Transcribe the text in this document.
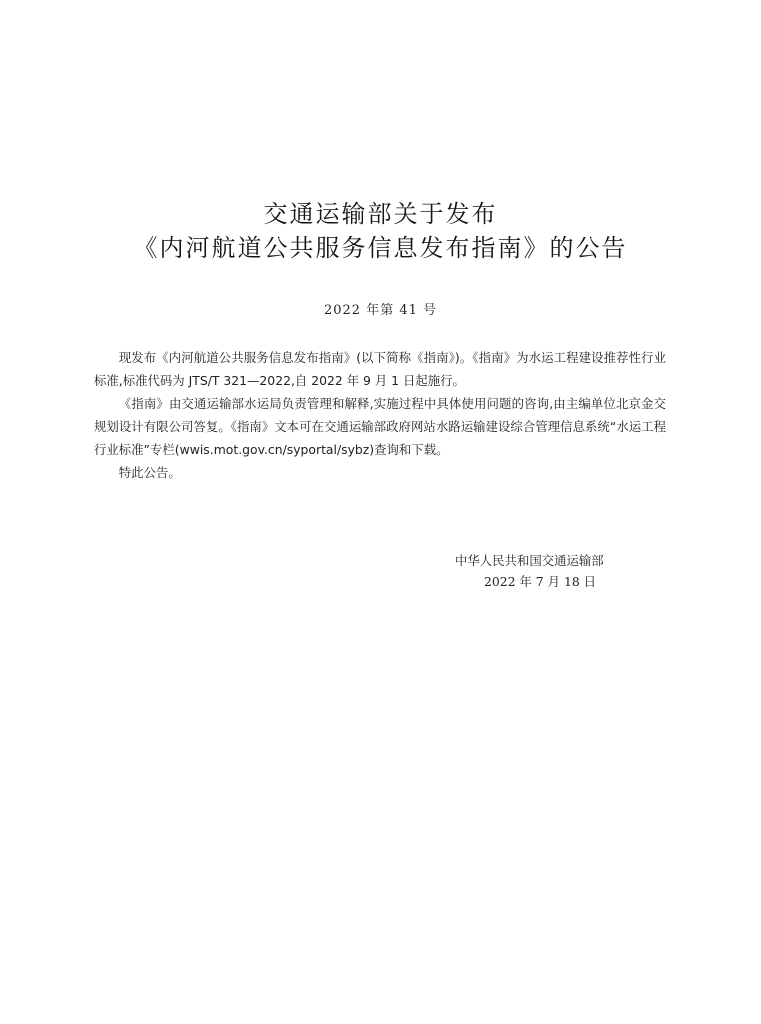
交通运输部关于发布
《内河航道公共服务信息发布指南》的公告
2022 年第 41 号

现发布《内河航道公共服务信息发布指南》(以下简称《指南》)。《指南》为水运工程建设推荐性行业标准,标准代码为 JTS/T 321—2022,自 2022 年 9 月 1 日起施行。

《指南》由交通运输部水运局负责管理和解释,实施过程中具体使用问题的咨询,由主编单位北京金交规划设计有限公司答复。《指南》文本可在交通运输部政府网站水路运输建设综合管理信息系统“水运工程行业标准”专栏(wwis.mot.gov.cn/syportal/sybz)查询和下载。

特此公告。

中华人民共和国交通运输部
2022 年 7 月 18 日
